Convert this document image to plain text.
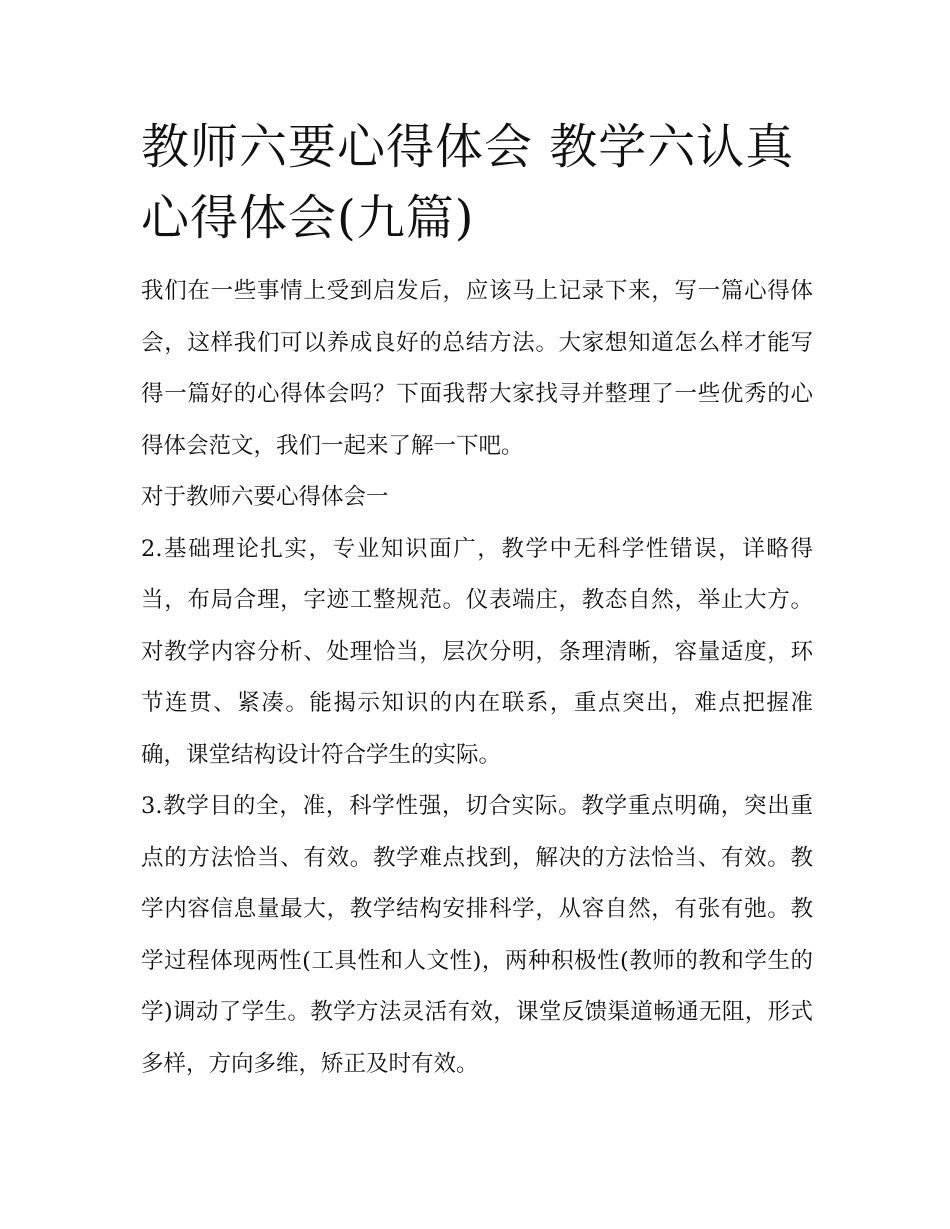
教师六要心得体会 教学六认真心得体会(九篇)

我们在一些事情上受到启发后，应该马上记录下来，写一篇心得体会，这样我们可以养成良好的总结方法。大家想知道怎么样才能写得一篇好的心得体会吗？下面我帮大家找寻并整理了一些优秀的心得体会范文，我们一起来了解一下吧。

对于教师六要心得体会一

2.基础理论扎实，专业知识面广，教学中无科学性错误，详略得当，布局合理，字迹工整规范。仪表端庄，教态自然，举止大方。对教学内容分析、处理恰当，层次分明，条理清晰，容量适度，环节连贯、紧凑。能揭示知识的内在联系，重点突出，难点把握准确，课堂结构设计符合学生的实际。

3.教学目的全，准，科学性强，切合实际。教学重点明确，突出重点的方法恰当、有效。教学难点找到，解决的方法恰当、有效。教学内容信息量最大，教学结构安排科学，从容自然，有张有弛。教学过程体现两性(工具性和人文性)，两种积极性(教师的教和学生的学)调动了学生。教学方法灵活有效，课堂反馈渠道畅通无阻，形式多样，方向多维，矫正及时有效。
